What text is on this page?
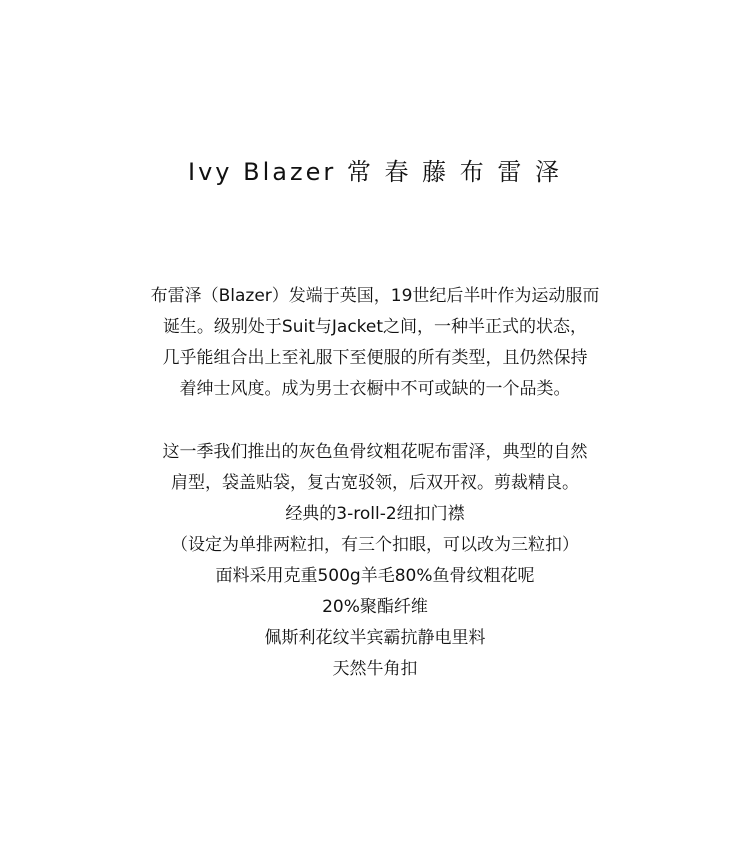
Ivy Blazer 常 春 藤 布 雷 泽
布雷泽（Blazer）发端于英国，19世纪后半叶作为运动服而
诞生。级别处于Suit与Jacket之间，一种半正式的状态，
几乎能组合出上至礼服下至便服的所有类型，且仍然保持
着绅士风度。成为男士衣橱中不可或缺的一个品类。
这一季我们推出的灰色鱼骨纹粗花呢布雷泽，典型的自然
肩型，袋盖贴袋，复古宽驳领，后双开衩。剪裁精良。
经典的3-roll-2纽扣门襟
（设定为单排两粒扣，有三个扣眼，可以改为三粒扣）
面料采用克重500g羊毛80%鱼骨纹粗花呢
20%聚酯纤维
佩斯利花纹半宾霸抗静电里料
天然牛角扣
